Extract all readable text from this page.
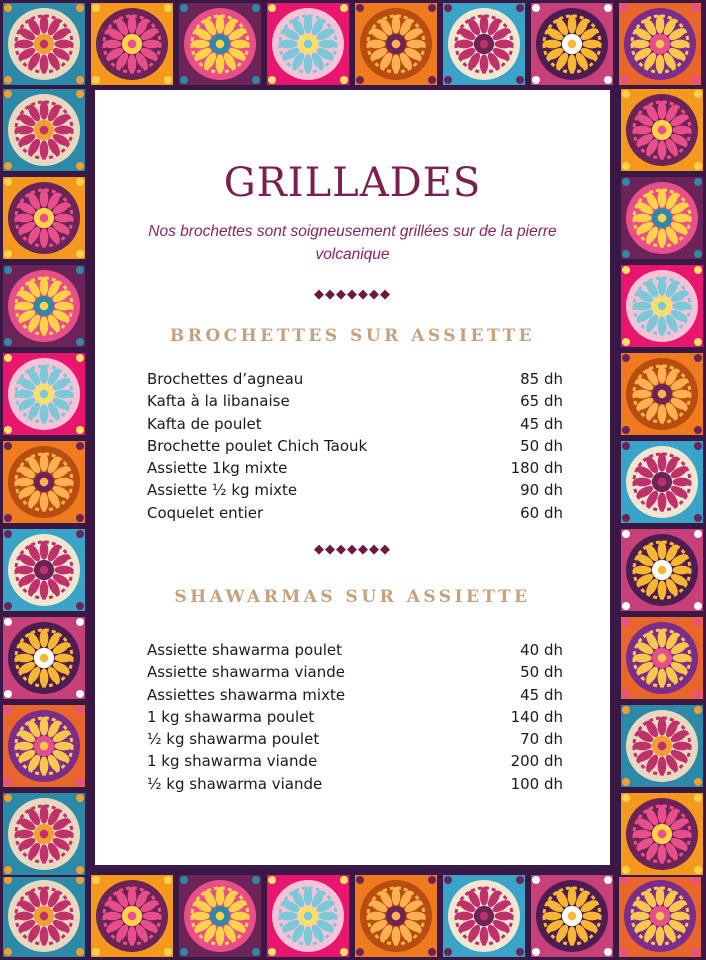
GRILLADES
Nos brochettes sont soigneusement grillées sur de la pierre volcanique
◆◆◆◆◆◆◆
BROCHETTES SUR ASSIETTE
Brochettes d’agneau	85 dh
Kafta à la libanaise	65 dh
Kafta de poulet	45 dh
Brochette poulet Chich Taouk	50 dh
Assiette 1kg mixte	180 dh
Assiette ½ kg mixte	90 dh
Coquelet entier	60 dh
◆◆◆◆◆◆◆
SHAWARMAS SUR ASSIETTE
Assiette shawarma poulet	40 dh
Assiette shawarma viande	50 dh
Assiettes shawarma mixte	45 dh
1 kg shawarma poulet	140 dh
½ kg shawarma poulet	70 dh
1 kg shawarma viande	200 dh
½ kg shawarma viande	100 dh
